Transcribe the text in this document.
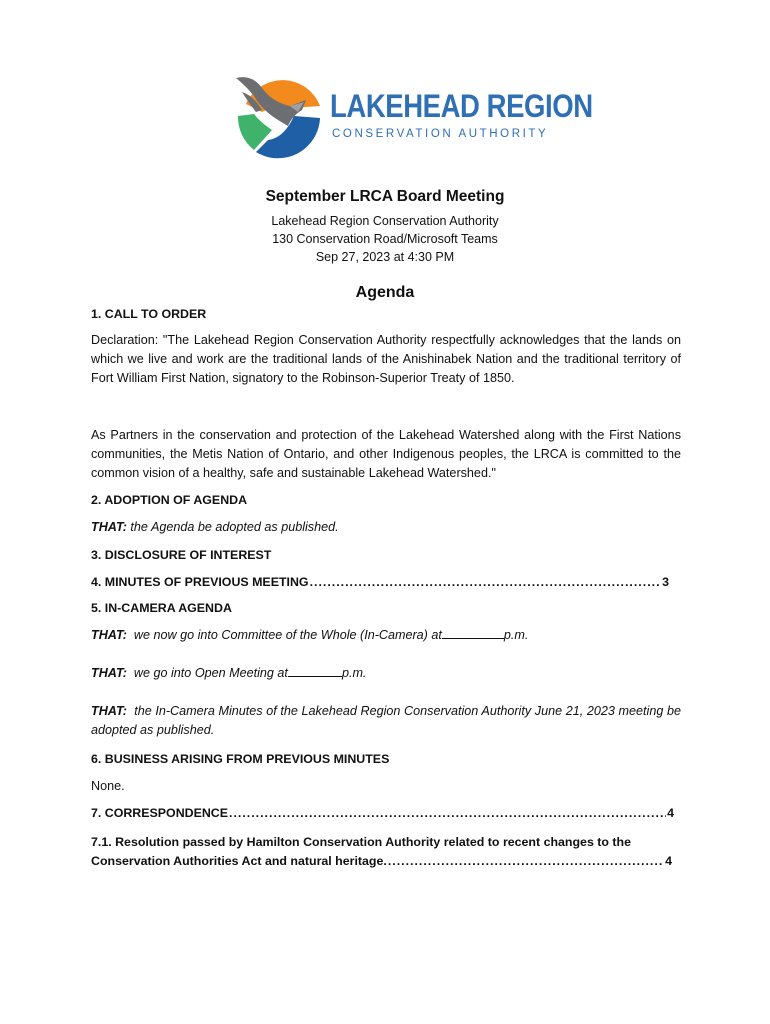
LAKEHEAD REGION
CONSERVATION AUTHORITY
September LRCA Board Meeting
Lakehead Region Conservation Authority
130 Conservation Road/Microsoft Teams
Sep 27, 2023 at 4:30 PM
Agenda
1. CALL TO ORDER
Declaration: "The Lakehead Region Conservation Authority respectfully acknowledges that the lands on which we live and work are the traditional lands of the Anishinabek Nation and the traditional territory of Fort William First Nation, signatory to the Robinson-Superior Treaty of 1850.
As Partners in the conservation and protection of the Lakehead Watershed along with the First Nations communities, the Metis Nation of Ontario, and other Indigenous peoples, the LRCA is committed to the common vision of a healthy, safe and sustainable Lakehead Watershed."
2. ADOPTION OF AGENDA
THAT: the Agenda be adopted as published.
3. DISCLOSURE OF INTEREST
4. MINUTES OF PREVIOUS MEETING .....	3
5. IN-CAMERA AGENDA
THAT:  we now go into Committee of the Whole (In-Camera) at	p.m.
THAT:  we go into Open Meeting at	p.m.
THAT:  the In-Camera Minutes of the Lakehead Region Conservation Authority June 21, 2023 meeting be adopted as published.
6. BUSINESS ARISING FROM PREVIOUS MINUTES
None.
7. CORRESPONDENCE .....	4
7.1. Resolution passed by Hamilton Conservation Authority related to recent changes to the
Conservation Authorities Act and natural heritage. .....	4
